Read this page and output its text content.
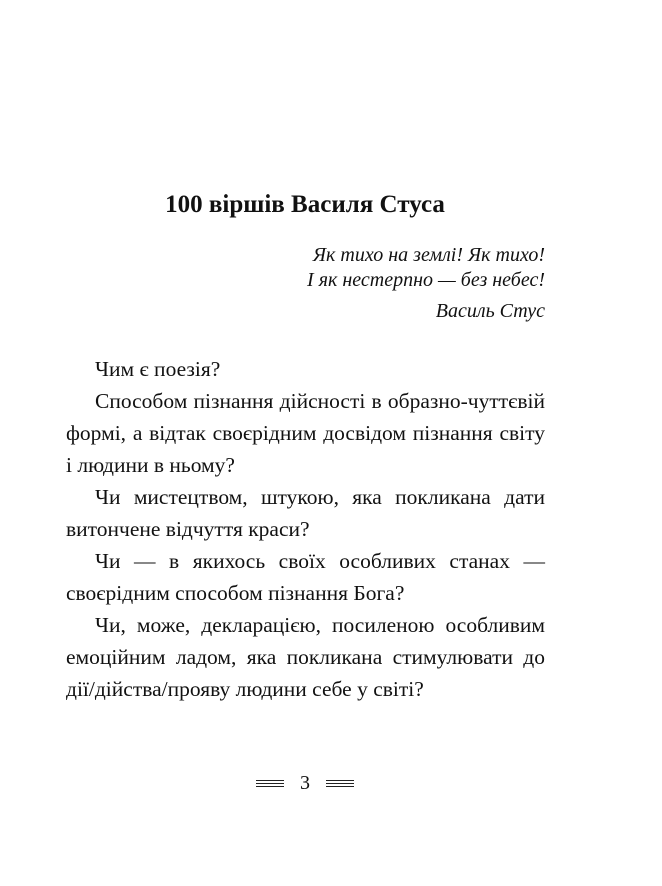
100 віршів Василя Стуса
Як тихо на землі! Як тихо!
І як нестерпно — без небес!
Василь Стус

Чим є поезія?

Способом пізнання дійсності в образно-чуттєвій формі, а відтак своєрідним досвідом пізнання світу і людини в ньому?

Чи мистецтвом, штукою, яка покликана дати витончене відчуття краси?

Чи — в якихось своїх особливих станах — своєрідним способом пізнання Бога?

Чи, може, декларацією, посиленою особливим емоційним ладом, яка покликана стимулювати до дії/дійства/прояву людини себе у світі?

3
